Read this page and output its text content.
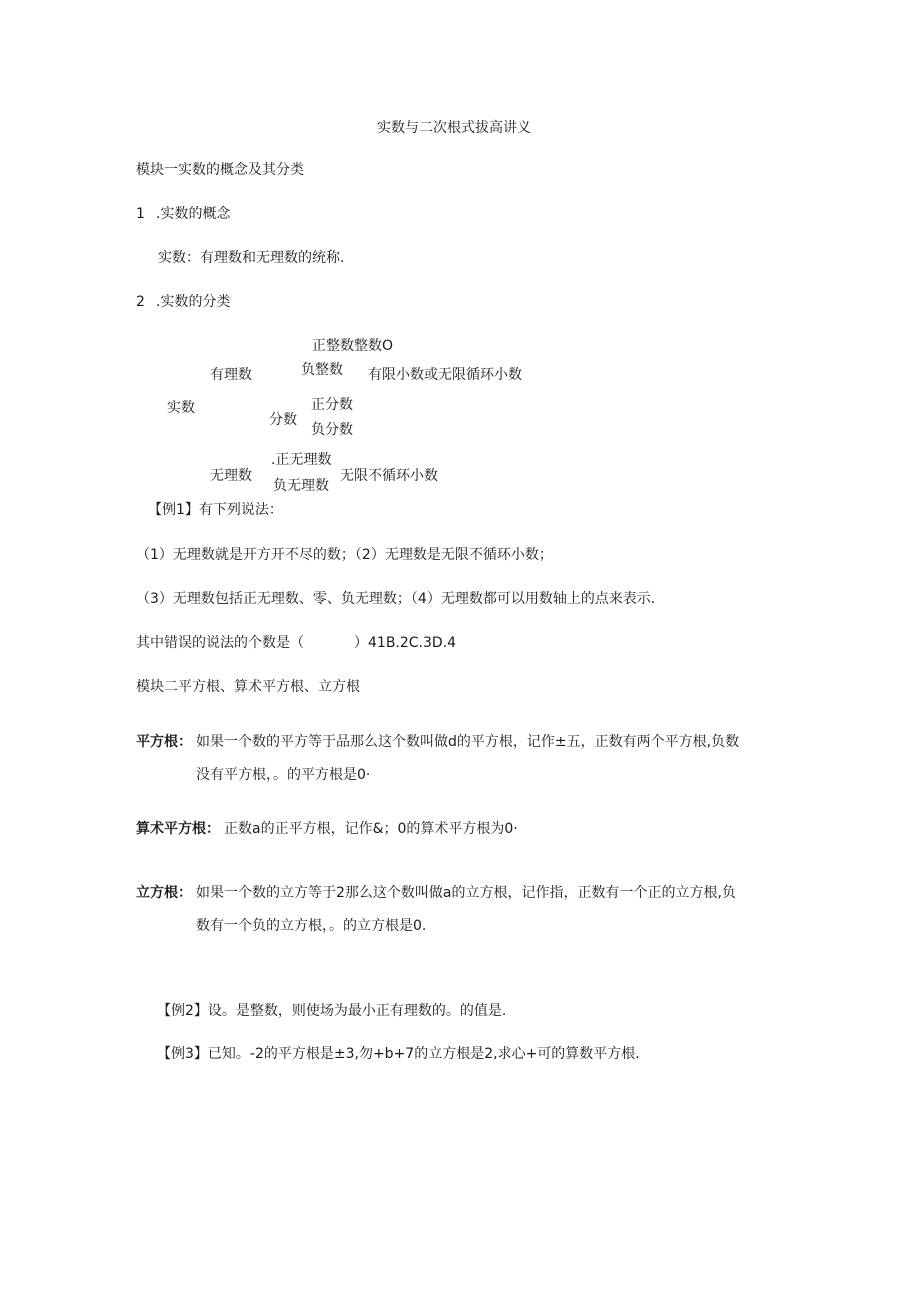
实数与二次根式拔高讲义
模块一实数的概念及其分类
1 .实数的概念
实数：有理数和无理数的统称.
2 .实数的分类
正整数整数O
有理数	负整数 有限小数或无限循环小数
实数	正分数
分数
负分数
.正无理数
无理数	无限不循环小数
负无理数
【例1】有下列说法：
（1）无理数就是开方开不尽的数；（2）无理数是无限不循环小数；
（3）无理数包括正无理数、零、负无理数；（4）无理数都可以用数轴上的点来表示.
其中错误的说法的个数是（	）41B.2C.3D.4
模块二平方根、算术平方根、立方根
平方根： 如果一个数的平方等于品那么这个数叫做d的平方根，记作±五，正数有两个平方根,负数
没有平方根，。的平方根是0·
算术平方根： 正数a的正平方根，记作&；0的算术平方根为0·
立方根： 如果一个数的立方等于2那么这个数叫做a的立方根，记作指，正数有一个正的立方根,负
数有一个负的立方根，。的立方根是0.
【例2】设。是整数，则使场为最小正有理数的。的值是.
【例3】已知。-2的平方根是±3,勿+b+7的立方根是2,求心+可的算数平方根.
